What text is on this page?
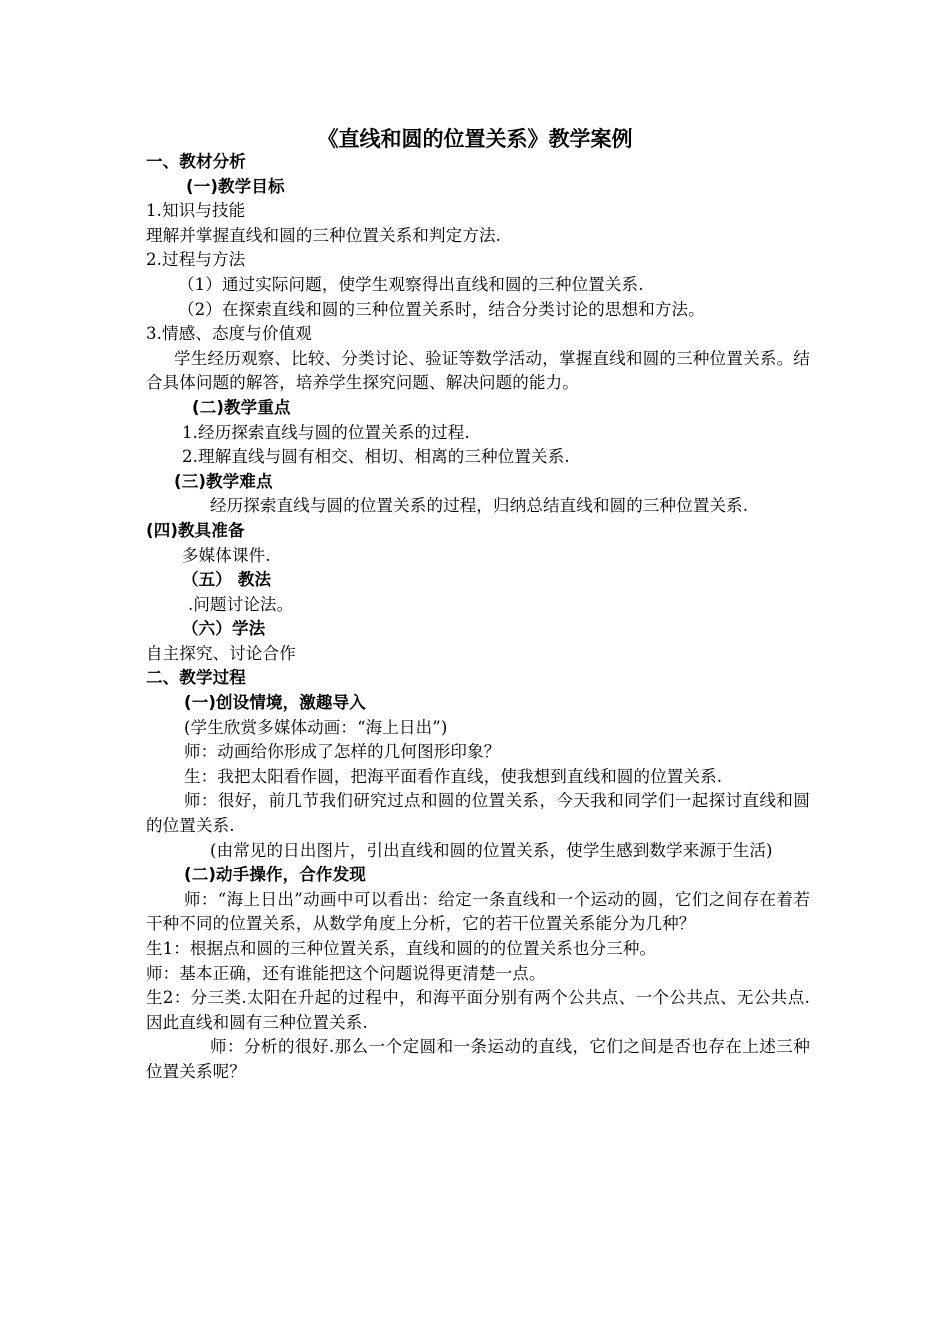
《直线和圆的位置关系》教学案例

一、教材分析

(一)教学目标

1.知识与技能

理解并掌握直线和圆的三种位置关系和判定方法.

2.过程与方法

（1）通过实际问题，使学生观察得出直线和圆的三种位置关系.

（2）在探索直线和圆的三种位置关系时，结合分类讨论的思想和方法。

3.情感、态度与价值观

学生经历观察、比较、分类讨论、验证等数学活动，掌握直线和圆的三种位置关系。结合具体问题的解答，培养学生探究问题、解决问题的能力。

(二)教学重点

1.经历探索直线与圆的位置关系的过程.

2.理解直线与圆有相交、相切、相离的三种位置关系.

(三)教学难点

经历探索直线与圆的位置关系的过程，归纳总结直线和圆的三种位置关系.

(四)教具准备

多媒体课件.

（五） 教法

.问题讨论法。

（六）学法

自主探究、讨论合作

二、教学过程

(一)创设情境，激趣导入

(学生欣赏多媒体动画：“海上日出”)

师：动画给你形成了怎样的几何图形印象？

生：我把太阳看作圆，把海平面看作直线，使我想到直线和圆的位置关系.

师：很好，前几节我们研究过点和圆的位置关系，今天我和同学们一起探讨直线和圆的位置关系.

(由常见的日出图片，引出直线和圆的位置关系，使学生感到数学来源于生活)

(二)动手操作，合作发现

师：“海上日出”动画中可以看出：给定一条直线和一个运动的圆，它们之间存在着若干种不同的位置关系，从数学角度上分析，它的若干位置关系能分为几种？

生1：根据点和圆的三种位置关系，直线和圆的的位置关系也分三种。

师：基本正确，还有谁能把这个问题说得更清楚一点。

生2：分三类.太阳在升起的过程中，和海平面分别有两个公共点、一个公共点、无公共点.因此直线和圆有三种位置关系.

师：分析的很好.那么一个定圆和一条运动的直线，它们之间是否也存在上述三种位置关系呢？
